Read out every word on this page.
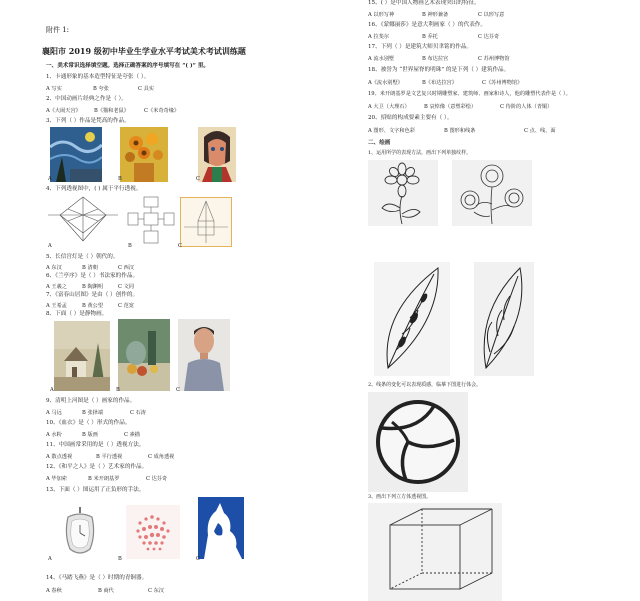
附件 1:
襄阳市 2019 级初中毕业生学业水平考试美术考试训练题
一、美术常识选择填空题。选择正确答案的序号填写在 “( )” 里。
1、卡通形象的基本造型特征是夸张（ ）。
A 写实	B 夸张	C 具实
2、中国动画片经典之作是（ ）。
A《大闹天宫》	B《猫和老鼠》	C《米奇奇缘》
3、下列（ ）作品是梵高的作品。
A	B	C
4、下列透视图中，( ) 属于平行透视。
A	B	C
5、长信宫灯是（ ）朝代的。
A 东汉	B 清朝	C 西汉
6、《兰亭序》是（ ）书法家的作品。
A 王羲之	B 陶渊明	C 文同
7、《富春山居图》是由（ ）创作的。
A 王希孟	B 黄公望	C 范宽
8、下面（ ）是静物画。
A	B	C
9、清明上河图是（ ）画家的作品。
A 马远	B 张择端	C 石涛
10、《血衣》是（ ）形式的作品。
A 水粉	B 版画	C 素描
11、中国画常采用的是（ ）透视方法。
A 散点透视	B 平行透视	C 成角透视
12、《和平之人》是（ ）艺术家的作品。
A 毕加索	B 米开朗基罗	C 达芬奇
13、下面（ ）图运用了正负形的手法。
A	B	C
14、《马踏飞燕》是（ ）时期的青铜器。
A 春秋	B 商代	C 东汉
15、( ）是中国人物画艺术表现突出的特征。
A 以形写神	B 神形兼备	C 以形写意
16、《蒙娜丽莎》是意大利画家（ ）的代表作。
A 拉斐尔	B 乔托	C 达芬奇
17、下列（ ）是建筑大师贝聿铭的作品。
A 流水别墅	B 布达拉宫	C 苏州博物馆
18、被誉为 “世界屋脊的明珠” 的是下列（ ）建筑作品。
A《流水别墅》	B《布达拉宫》	C《苏州博物馆》
19、米开朗基罗是文艺复兴时期雕塑家、建筑师、画家和诗人，他的雕塑代表作是（ ）。
A 大卫（大理石）	B 哀悼像（意塑彩绘）	C 待阶的人体（青铜）
20、招贴的构成要素主要有（ ）。
A 图形、文字和色彩	B 图形和线条	C 点、线、面
二、绘画
1、运用所学的表现方法，画出下列单独纹样。
2、线条的变化可以表现质感，临摹下图进行体会。
3、画出下列立方体透视图。
